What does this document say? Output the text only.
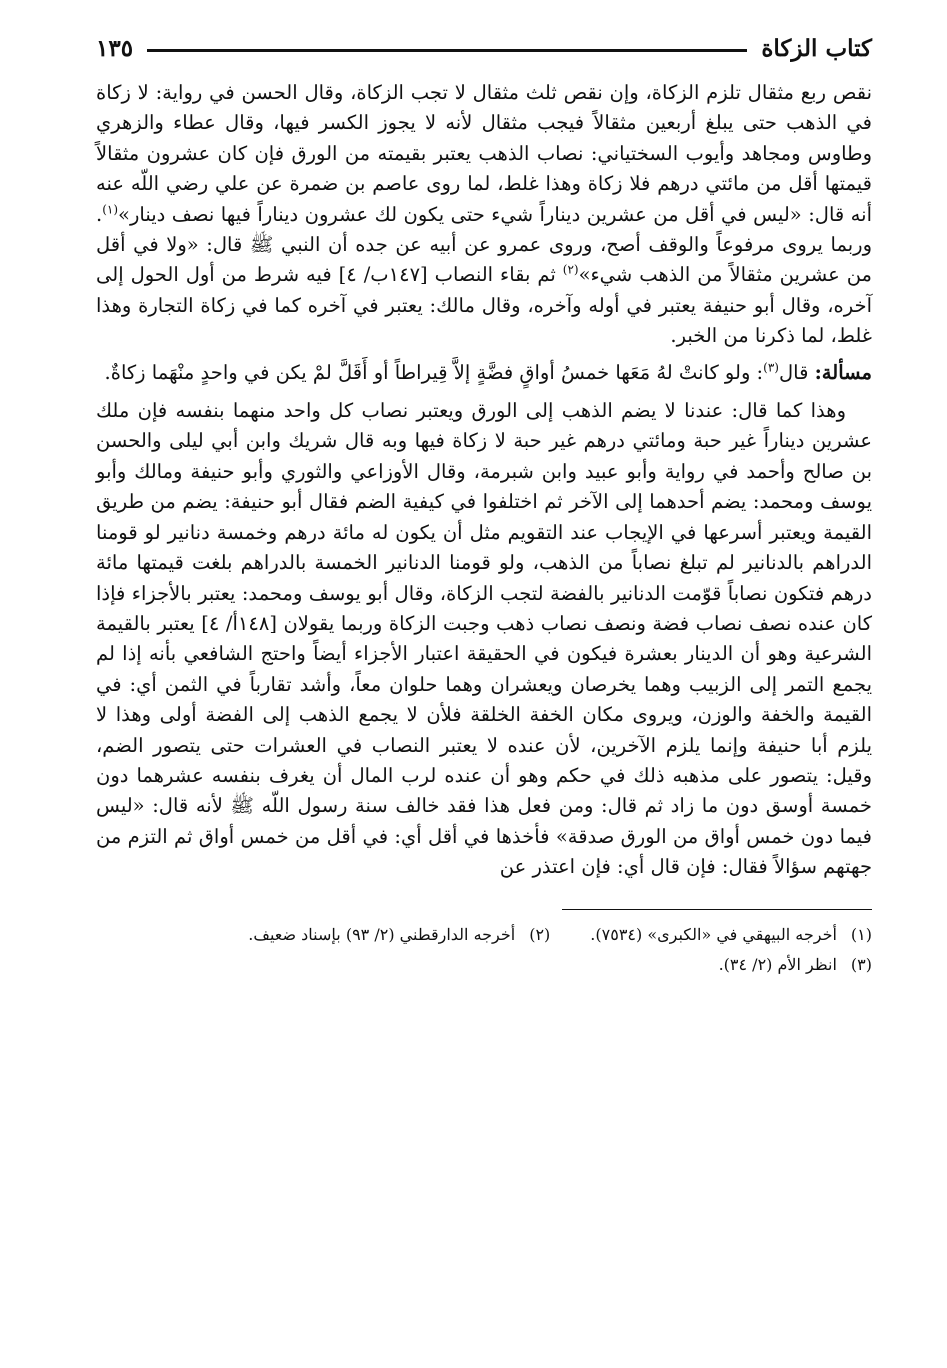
كتاب الزكاة
١٣٥

نقص ربع مثقال تلزم الزكاة، وإن نقص ثلث مثقال لا تجب الزكاة، وقال الحسن في رواية: لا زكاة في الذهب حتى يبلغ أربعين مثقالاً فيجب مثقال لأنه لا يجوز الكسر فيها، وقال عطاء والزهري وطاوس ومجاهد وأيوب السختياني: نصاب الذهب يعتبر بقيمته من الورق فإن كان عشرون مثقالاً قيمتها أقل من مائتي درهم فلا زكاة وهذا غلط، لما روى عاصم بن ضمرة عن علي رضي اللّه عنه أنه قال: «ليس في أقل من عشرين ديناراً شيء حتى يكون لك عشرون ديناراً فيها نصف دينار»$^{(١)}$. وربما يروى مرفوعاً والوقف أصح، وروى عمرو عن أبيه عن جده أن النبي ﷺ قال: «ولا في أقل من عشرين مثقالاً من الذهب شيء»$^{(٢)}$ ثم بقاء النصاب [١٤٧ب/ ٤] فيه شرط من أول الحول إلى آخره، وقال أبو حنيفة يعتبر في أوله وآخره، وقال مالك: يعتبر في آخره كما في زكاة التجارة وهذا غلط، لما ذكرنا من الخبر.

مسألة: قال$^{(٣)}$: ولو كانتْ لهُ مَعَها خمسُ أواقٍ فضَّةٍ إلاَّ قِيراطاً أو أَقَلَّ لمْ يكن في واحدٍ منْهَما زكاةٌ.

وهذا كما قال: عندنا لا يضم الذهب إلى الورق ويعتبر نصاب كل واحد منهما بنفسه فإن ملك عشرين ديناراً غير حبة ومائتي درهم غير حبة لا زكاة فيها وبه قال شريك وابن أبي ليلى والحسن بن صالح وأحمد في رواية وأبو عبيد وابن شبرمة، وقال الأوزاعي والثوري وأبو حنيفة ومالك وأبو يوسف ومحمد: يضم أحدهما إلى الآخر ثم اختلفوا في كيفية الضم فقال أبو حنيفة: يضم من طريق القيمة ويعتبر أسرعها في الإيجاب عند التقويم مثل أن يكون له مائة درهم وخمسة دنانير لو قومنا الدراهم بالدنانير لم تبلغ نصاباً من الذهب، ولو قومنا الدنانير الخمسة بالدراهم بلغت قيمتها مائة درهم فتكون نصاباً قوّمت الدنانير بالفضة لتجب الزكاة، وقال أبو يوسف ومحمد: يعتبر بالأجزاء فإذا كان عنده نصف نصاب فضة ونصف نصاب ذهب وجبت الزكاة وربما يقولان [١٤٨أ/ ٤] يعتبر بالقيمة الشرعية وهو أن الدينار بعشرة فيكون في الحقيقة اعتبار الأجزاء أيضاً واحتج الشافعي بأنه إذا لم يجمع التمر إلى الزبيب وهما يخرصان ويعشران وهما حلوان معاً، وأشد تقارباً في الثمن أي: في القيمة والخفة والوزن، ويروى مكان الخفة الخلقة فلأن لا يجمع الذهب إلى الفضة أولى وهذا لا يلزم أبا حنيفة وإنما يلزم الآخرين، لأن عنده لا يعتبر النصاب في العشرات حتى يتصور الضم، وقيل: يتصور على مذهبه ذلك في حكم وهو أن عنده لرب المال أن يغرف بنفسه عشرهما دون خمسة أوسق دون ما زاد ثم قال: ومن فعل هذا فقد خالف سنة رسول اللّه ﷺ لأنه قال: «ليس فيما دون خمس أواق من الورق صدقة» فأخذها في أقل أي: في أقل من خمس أواق ثم التزم من جهتهم سؤالاً فقال: فإن قال أي: فإن اعتذر عن

(١)أخرجه البيهقي في «الكبرى» (٧٥٣٤).
(٢)أخرجه الدارقطني (٢/ ٩٣) بإسناد ضعيف.
(٣)انظر الأم (٢/ ٣٤).
